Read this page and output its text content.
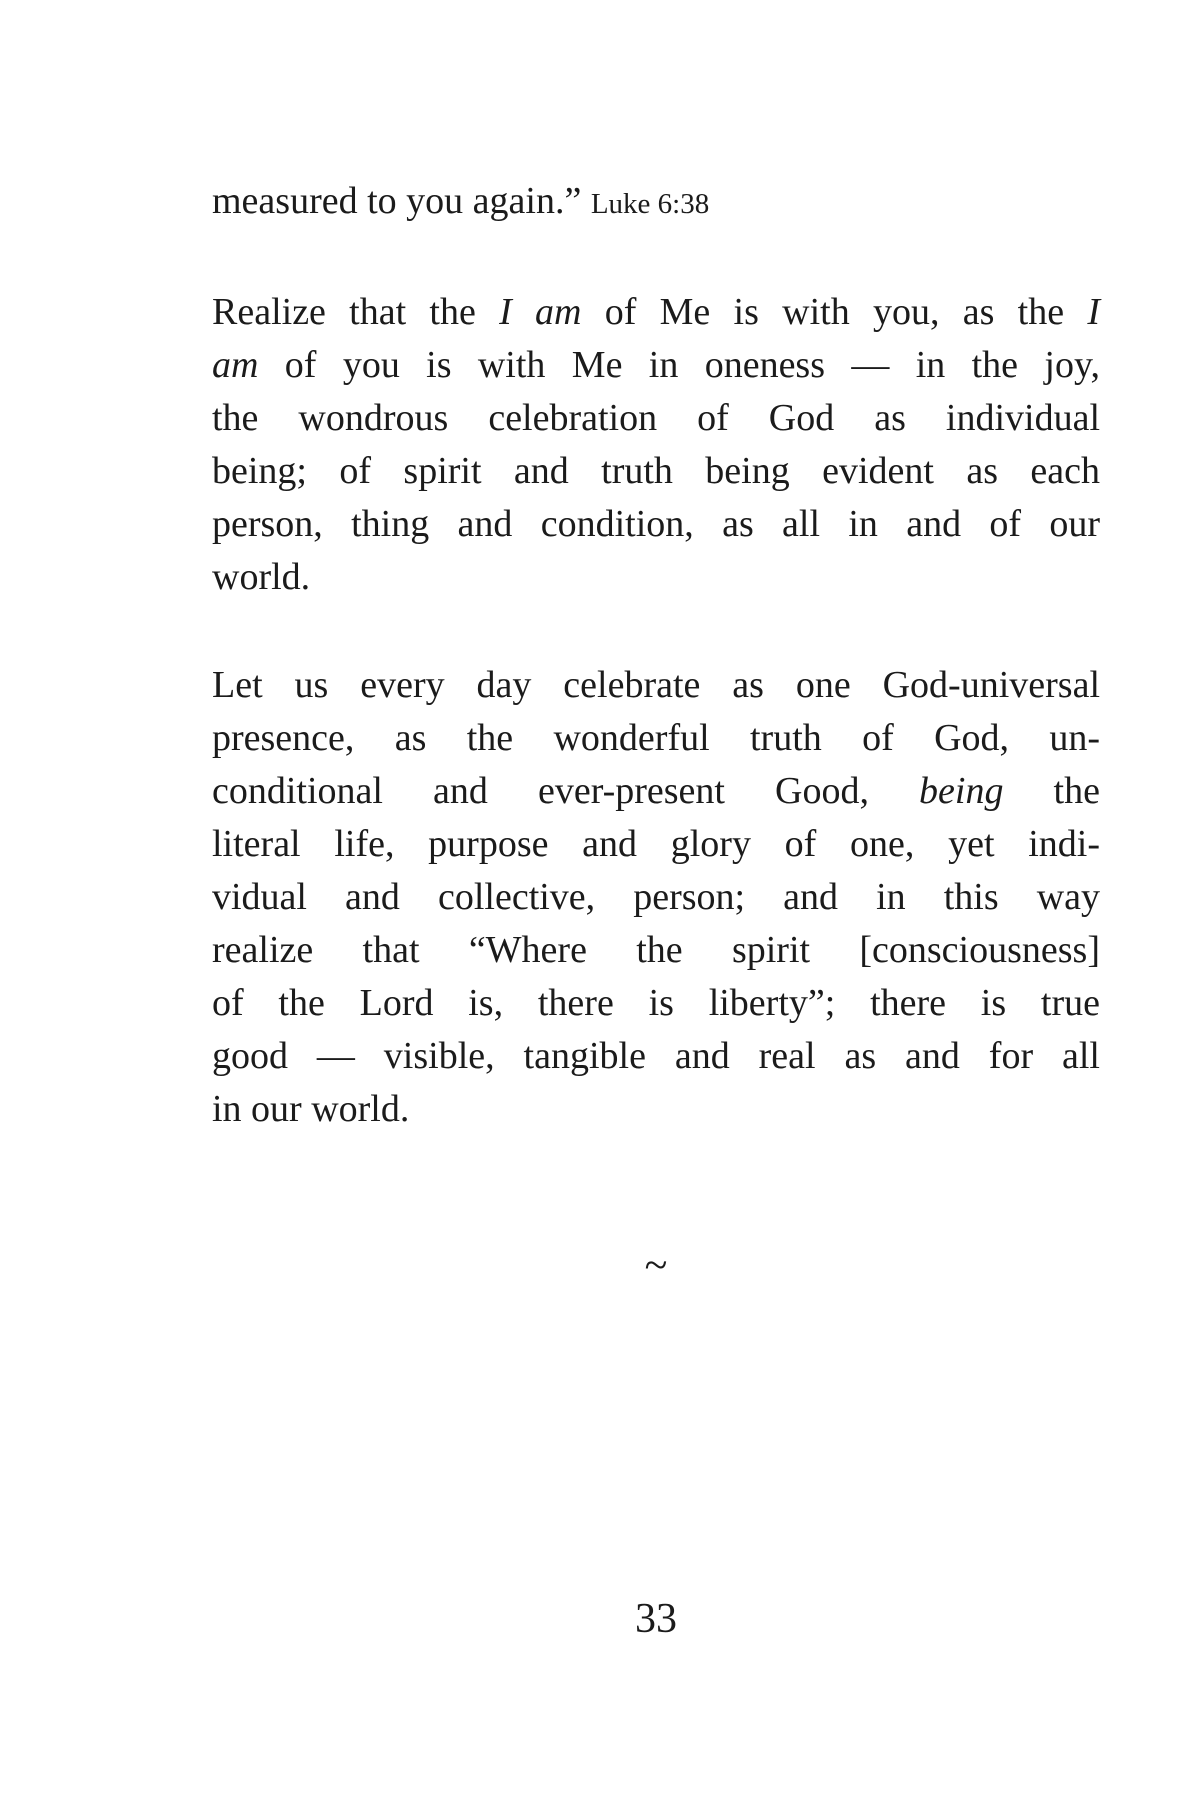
measured to you again.” Luke 6:38
Realize that the I am of Me is with you, as the I
am of you is with Me in oneness — in the joy,
the wondrous celebration of God as individual
being; of spirit and truth being evident as each
person, thing and condition, as all in and of our
world.
Let us every day celebrate as one God-universal
presence, as the wonderful truth of God, un-
conditional and ever-present Good, being the
literal life, purpose and glory of one, yet indi-
vidual and collective, person; and in this way
realize that “Where the spirit [consciousness]
of the Lord is, there is liberty”; there is true
good — visible, tangible and real as and for all
in our world.
~
33
